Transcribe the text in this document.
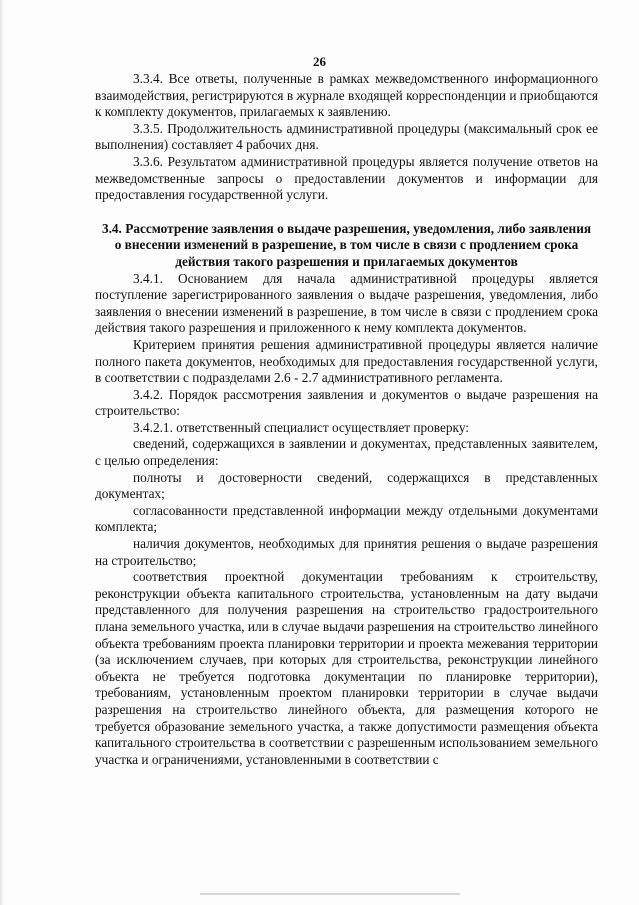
26

3.3.4. Все ответы, полученные в рамках межведомственного информационного взаимодействия, регистрируются в журнале входящей корреспонденции и приобщаются к комплекту документов, прилагаемых к заявлению.

3.3.5. Продолжительность административной процедуры (максимальный срок ее выполнения) составляет 4 рабочих дня.

3.3.6. Результатом административной процедуры является получение ответов на межведомственные запросы о предоставлении документов и информации для предоставления государственной услуги.

3.4. Рассмотрение заявления о выдаче разрешения, уведомления, либо заявления о внесении изменений в разрешение, в том числе в связи с продлением срока действия такого разрешения и прилагаемых документов

3.4.1. Основанием для начала административной процедуры является поступление зарегистрированного заявления о выдаче разрешения, уведомления, либо заявления о внесении изменений в разрешение, в том числе в связи с продлением срока действия такого разрешения и приложенного к нему комплекта документов.

Критерием принятия решения административной процедуры является наличие полного пакета документов, необходимых для предоставления государственной услуги, в соответствии с подразделами 2.6 - 2.7 административного регламента.

3.4.2. Порядок рассмотрения заявления и документов о выдаче разрешения на строительство:

3.4.2.1. ответственный специалист осуществляет проверку:

сведений, содержащихся в заявлении и документах, представленных заявителем, с целью определения:

полноты и достоверности сведений, содержащихся в представленных документах;

согласованности представленной информации между отдельными документами комплекта;

наличия документов, необходимых для принятия решения о выдаче разрешения на строительство;

соответствия проектной документации требованиям к строительству, реконструкции объекта капитального строительства, установленным на дату выдачи представленного для получения разрешения на строительство градостроительного плана земельного участка, или в случае выдачи разрешения на строительство линейного объекта требованиям проекта планировки территории и проекта межевания территории (за исключением случаев, при которых для строительства, реконструкции линейного объекта не требуется подготовка документации по планировке территории), требованиям, установленным проектом планировки территории в случае выдачи разрешения на строительство линейного объекта, для размещения которого не требуется образование земельного участка, а также допустимости размещения объекта капитального строительства в соответствии с разрешенным использованием земельного участка и ограничениями, установленными в соответствии с
